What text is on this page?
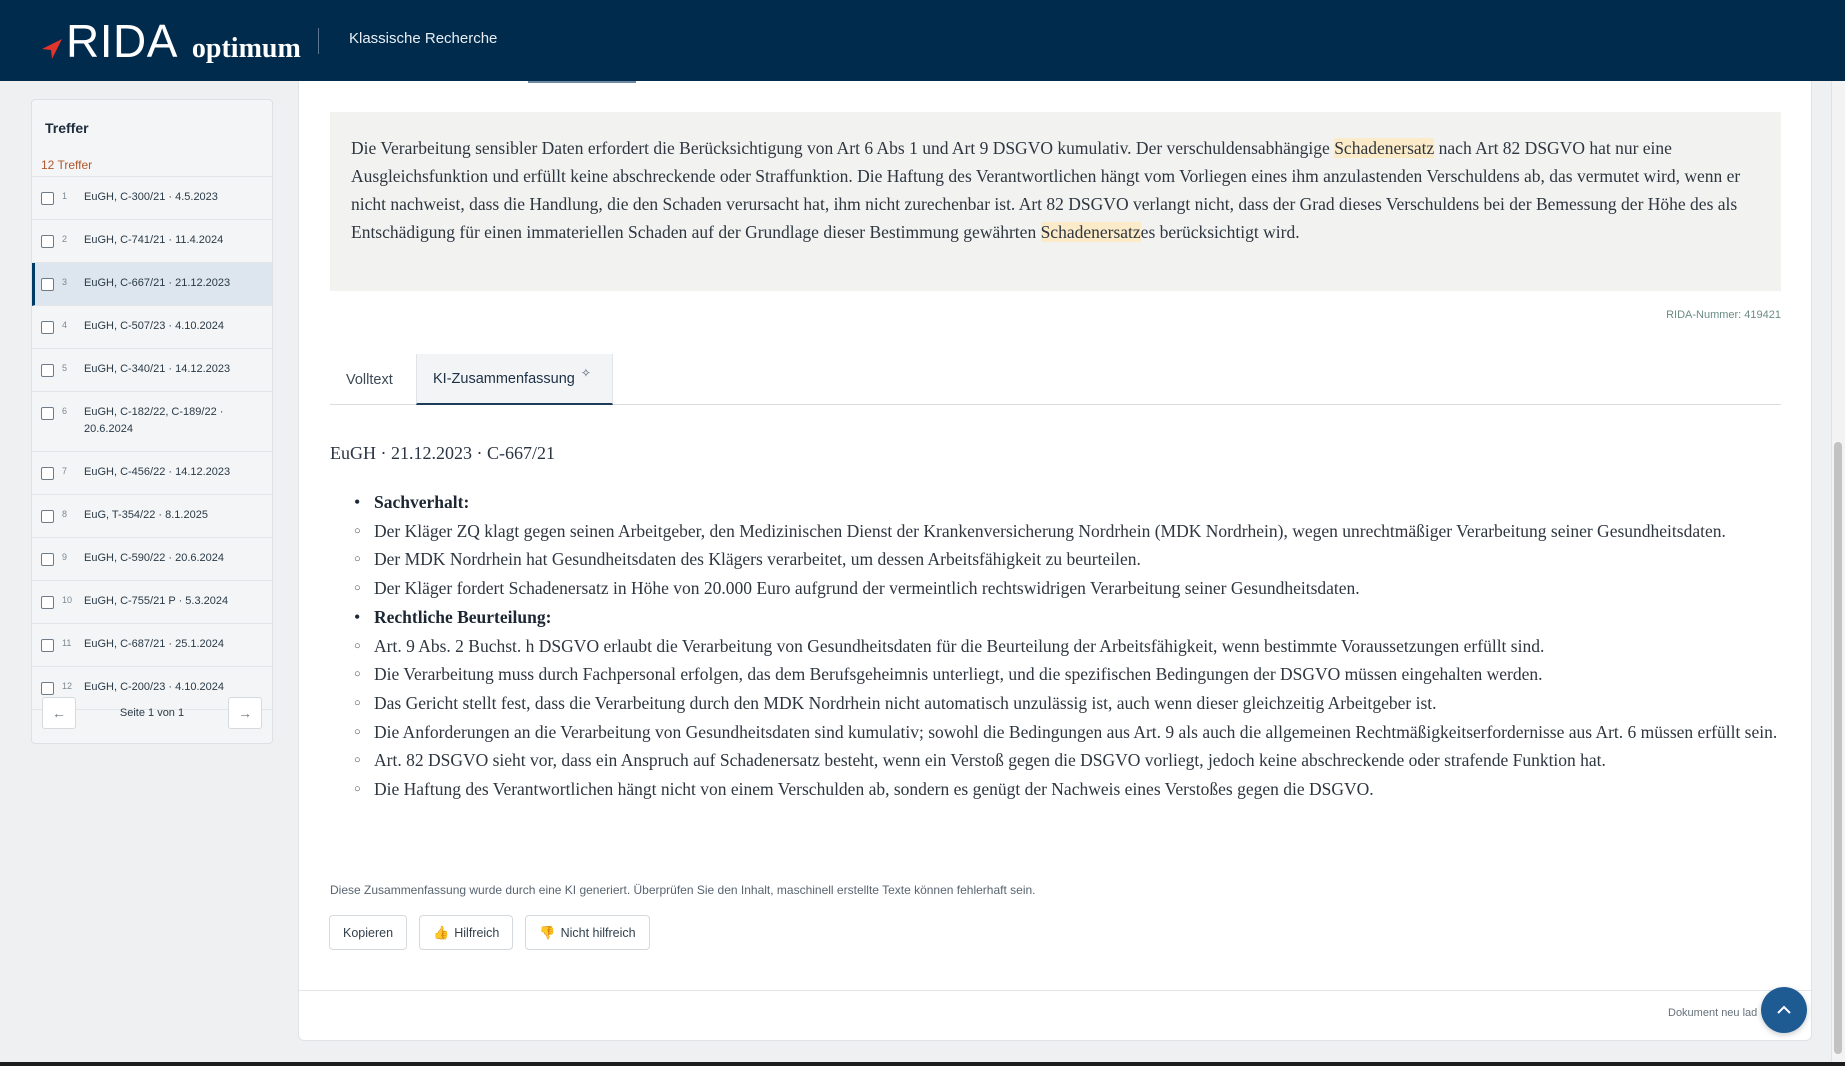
RIDA optimum	Klassische Recherche
Treffer
12 Treffer
1	EuGH, C-300/21 · 4.5.2023
2	EuGH, C-741/21 · 11.4.2024
3	EuGH, C-667/21 · 21.12.2023
4	EuGH, C-507/23 · 4.10.2024
5	EuGH, C-340/21 · 14.12.2023
6	EuGH, C-182/22, C-189/22 · 20.6.2024
7	EuGH, C-456/22 · 14.12.2023
8	EuG, T-354/22 · 8.1.2025
9	EuGH, C-590/22 · 20.6.2024
10	EuGH, C-755/21 P · 5.3.2024
11	EuGH, C-687/21 · 25.1.2024
12	EuGH, C-200/23 · 4.10.2024
←	Seite 1 von 1	→
Die Verarbeitung sensibler Daten erfordert die Berücksichtigung von Art 6 Abs 1 und Art 9 DSGVO kumulativ. Der verschuldensabhängige Schadenersatz nach Art 82 DSGVO hat nur eine Ausgleichsfunktion und erfüllt keine abschreckende oder Straffunktion. Die Haftung des Verantwortlichen hängt vom Vorliegen eines ihm anzulastenden Verschuldens ab, das vermutet wird, wenn er nicht nachweist, dass die Handlung, die den Schaden verursacht hat, ihm nicht zurechenbar ist. Art 82 DSGVO verlangt nicht, dass der Grad dieses Verschuldens bei der Bemessung der Höhe des als Entschädigung für einen immateriellen Schaden auf der Grundlage dieser Bestimmung gewährten Schadenersatzes berücksichtigt wird.
RIDA-Nummer: 419421
Volltext	KI-Zusammenfassung ✧
EuGH · 21.12.2023 · C-667/21
• Sachverhalt:
○ Der Kläger ZQ klagt gegen seinen Arbeitgeber, den Medizinischen Dienst der Krankenversicherung Nordrhein (MDK Nordrhein), wegen unrechtmäßiger Verarbeitung seiner Gesundheitsdaten.
○ Der MDK Nordrhein hat Gesundheitsdaten des Klägers verarbeitet, um dessen Arbeitsfähigkeit zu beurteilen.
○ Der Kläger fordert Schadenersatz in Höhe von 20.000 Euro aufgrund der vermeintlich rechtswidrigen Verarbeitung seiner Gesundheitsdaten.
• Rechtliche Beurteilung:
○ Art. 9 Abs. 2 Buchst. h DSGVO erlaubt die Verarbeitung von Gesundheitsdaten für die Beurteilung der Arbeitsfähigkeit, wenn bestimmte Voraussetzungen erfüllt sind.
○ Die Verarbeitung muss durch Fachpersonal erfolgen, das dem Berufsgeheimnis unterliegt, und die spezifischen Bedingungen der DSGVO müssen eingehalten werden.
○ Das Gericht stellt fest, dass die Verarbeitung durch den MDK Nordrhein nicht automatisch unzulässig ist, auch wenn dieser gleichzeitig Arbeitgeber ist.
○ Die Anforderungen an die Verarbeitung von Gesundheitsdaten sind kumulativ; sowohl die Bedingungen aus Art. 9 als auch die allgemeinen Rechtmäßigkeitserfordernisse aus Art. 6 müssen erfüllt sein.
○ Art. 82 DSGVO sieht vor, dass ein Anspruch auf Schadenersatz besteht, wenn ein Verstoß gegen die DSGVO vorliegt, jedoch keine abschreckende oder strafende Funktion hat.
○ Die Haftung des Verantwortlichen hängt nicht von einem Verschulden ab, sondern es genügt der Nachweis eines Verstoßes gegen die DSGVO.
Diese Zusammenfassung wurde durch eine KI generiert. Überprüfen Sie den Inhalt, maschinell erstellte Texte können fehlerhaft sein.
Kopieren	👍 Hilfreich	👎 Nicht hilfreich
Dokument neu lad
